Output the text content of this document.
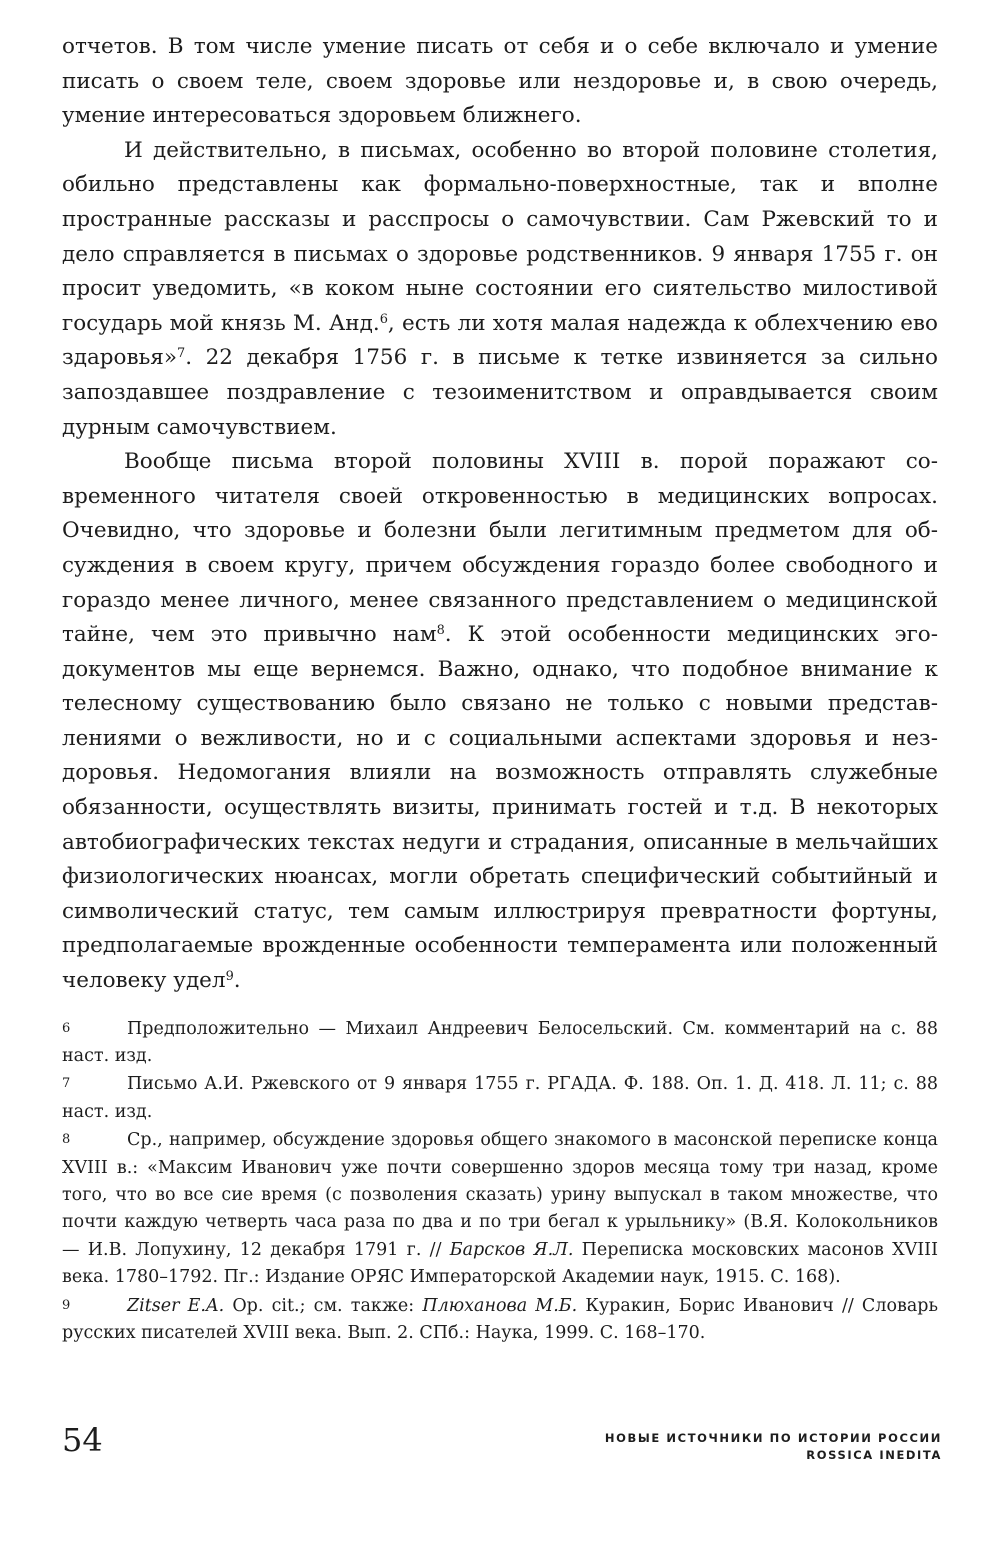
отчетов. В том числе умение писать от себя и о себе включало и умение писать о своем теле, своем здоровье или нездоровье и, в свою очередь, умение интересоваться здоровьем ближнего.

И действительно, в письмах, особенно во второй половине столетия, обильно представлены как формально-поверхностные, так и вполне пространные рассказы и расспросы о самочувствии. Сам Ржевский то и дело справляется в письмах о здоровье родственников. 9 января 1755 г. он просит уведомить, «в коком ныне состоянии его сиятельство милостивой государь мой князь М. Анд.$^6$, есть ли хотя малая надежда к облехчению ево здаровья»$^7$. 22 декабря 1756 г. в письме к тетке извиняется за сильно запоздавшее поздравление с тезоименитством и оправдывается своим дурным самочувствием.

Вообще письма второй половины XVIII в. порой поражают современного читателя своей откровенностью в медицинских вопросах. Очевидно, что здоровье и болезни были легитимным предметом для обсуждения в своем кругу, причем обсуждения гораздо более свободного и гораздо менее личного, менее связанного представлением о медицинской тайне, чем это привычно нам$^8$. К этой особенности медицинских эго-документов мы еще вернемся. Важно, однако, что подобное внимание к телесному существованию было связано не только с новыми представлениями о вежливости, но и с социальными аспектами здоровья и нездоровья. Недомогания влияли на возможность отправлять служебные обязанности, осуществлять визиты, принимать гостей и т.д. В некоторых автобиографических текстах недуги и страдания, описанные в мельчайших физиологических нюансах, могли обретать специфический событийный и символический статус, тем самым иллюстрируя превратности фортуны, предполагаемые врожденные особенности темперамента или положенный человеку удел$^9$.

6	Предположительно — Михаил Андреевич Белосельский. См. комментарий на с. 88 наст. изд.

7	Письмо А.И. Ржевского от 9 января 1755 г. РГАДА. Ф. 188. Оп. 1. Д. 418. Л. 11; с. 88 наст. изд.

8	Ср., например, обсуждение здоровья общего знакомого в масонской переписке конца XVIII в.: «Максим Иванович уже почти совершенно здоров месяца тому три назад, кроме того, что во все сие время (с позволения сказать) урину выпускал в таком множестве, что почти каждую четверть часа раза по два и по три бегал к урыльнику» (В.Я. Колокольников — И.В. Лопухину, 12 декабря 1791 г. // Барсков Я.Л. Переписка московских масонов XVIII века. 1780–1792. Пг.: Издание ОРЯС Императорской Академии наук, 1915. С. 168).
9	Zitser E.A. Op. cit.; см. также: Плюханова М.Б. Куракин, Борис Иванович // Словарь русских писателей XVIII века. Вып. 2. СПб.: Наука, 1999. С. 168–170.
54	НОВЫЕ ИСТОЧНИКИ ПО ИСТОРИИ РОССИИ
ROSSICA INEDITA
